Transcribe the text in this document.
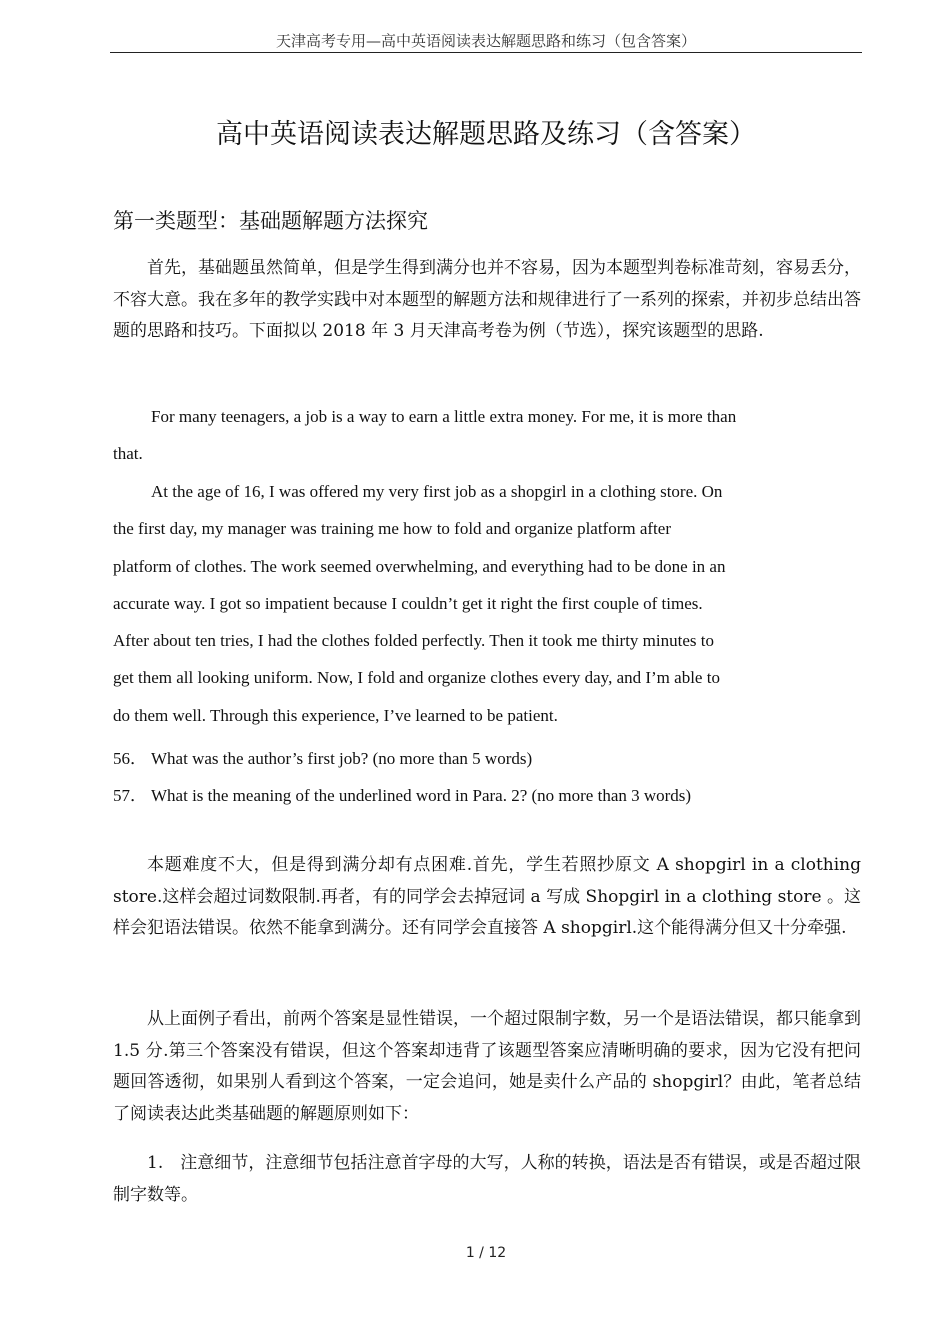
天津高考专用—高中英语阅读表达解题思路和练习（包含答案）
高中英语阅读表达解题思路及练习（含答案）
第一类题型：基础题解题方法探究

首先，基础题虽然简单，但是学生得到满分也并不容易，因为本题型判卷标准苛刻，容易丢分，不容大意。我在多年的教学实践中对本题型的解题方法和规律进行了一系列的探索，并初步总结出答题的思路和技巧。下面拟以 2018 年 3 月天津高考卷为例（节选），探究该题型的思路.

For many teenagers, a job is a way to earn a little extra money. For me, it is more than
that.
At the age of 16, I was offered my very first job as a shopgirl in a clothing store. On
the first day, my manager was training me how to fold and organize platform after
platform of clothes. The work seemed overwhelming, and everything had to be done in an
accurate way. I got so impatient because I couldn’t get it right the first couple of times.
After about ten tries, I had the clothes folded perfectly. Then it took me thirty minutes to
get them all looking uniform. Now, I fold and organize clothes every day, and I’m able to
do them well. Through this experience, I’ve learned to be patient.

56． What was the author’s first job? (no more than 5 words)

57． What is the meaning of the underlined word in Para. 2? (no more than 3 words)

本题难度不大，但是得到满分却有点困难.首先，学生若照抄原文 A shopgirl in a clothing store.这样会超过词数限制.再者，有的同学会去掉冠词 a 写成 Shopgirl in a clothing store 。这样会犯语法错误。依然不能拿到满分。还有同学会直接答 A shopgirl.这个能得满分但又十分牵强.

从上面例子看出，前两个答案是显性错误，一个超过限制字数，另一个是语法错误，都只能拿到 1.5 分.第三个答案没有错误，但这个答案却违背了该题型答案应清晰明确的要求，因为它没有把问题回答透彻，如果别人看到这个答案，一定会追问，她是卖什么产品的 shopgirl？由此，笔者总结了阅读表达此类基础题的解题原则如下：

1.　注意细节，注意细节包括注意首字母的大写，人称的转换，语法是否有错误，或是否超过限制字数等。

1 / 12
